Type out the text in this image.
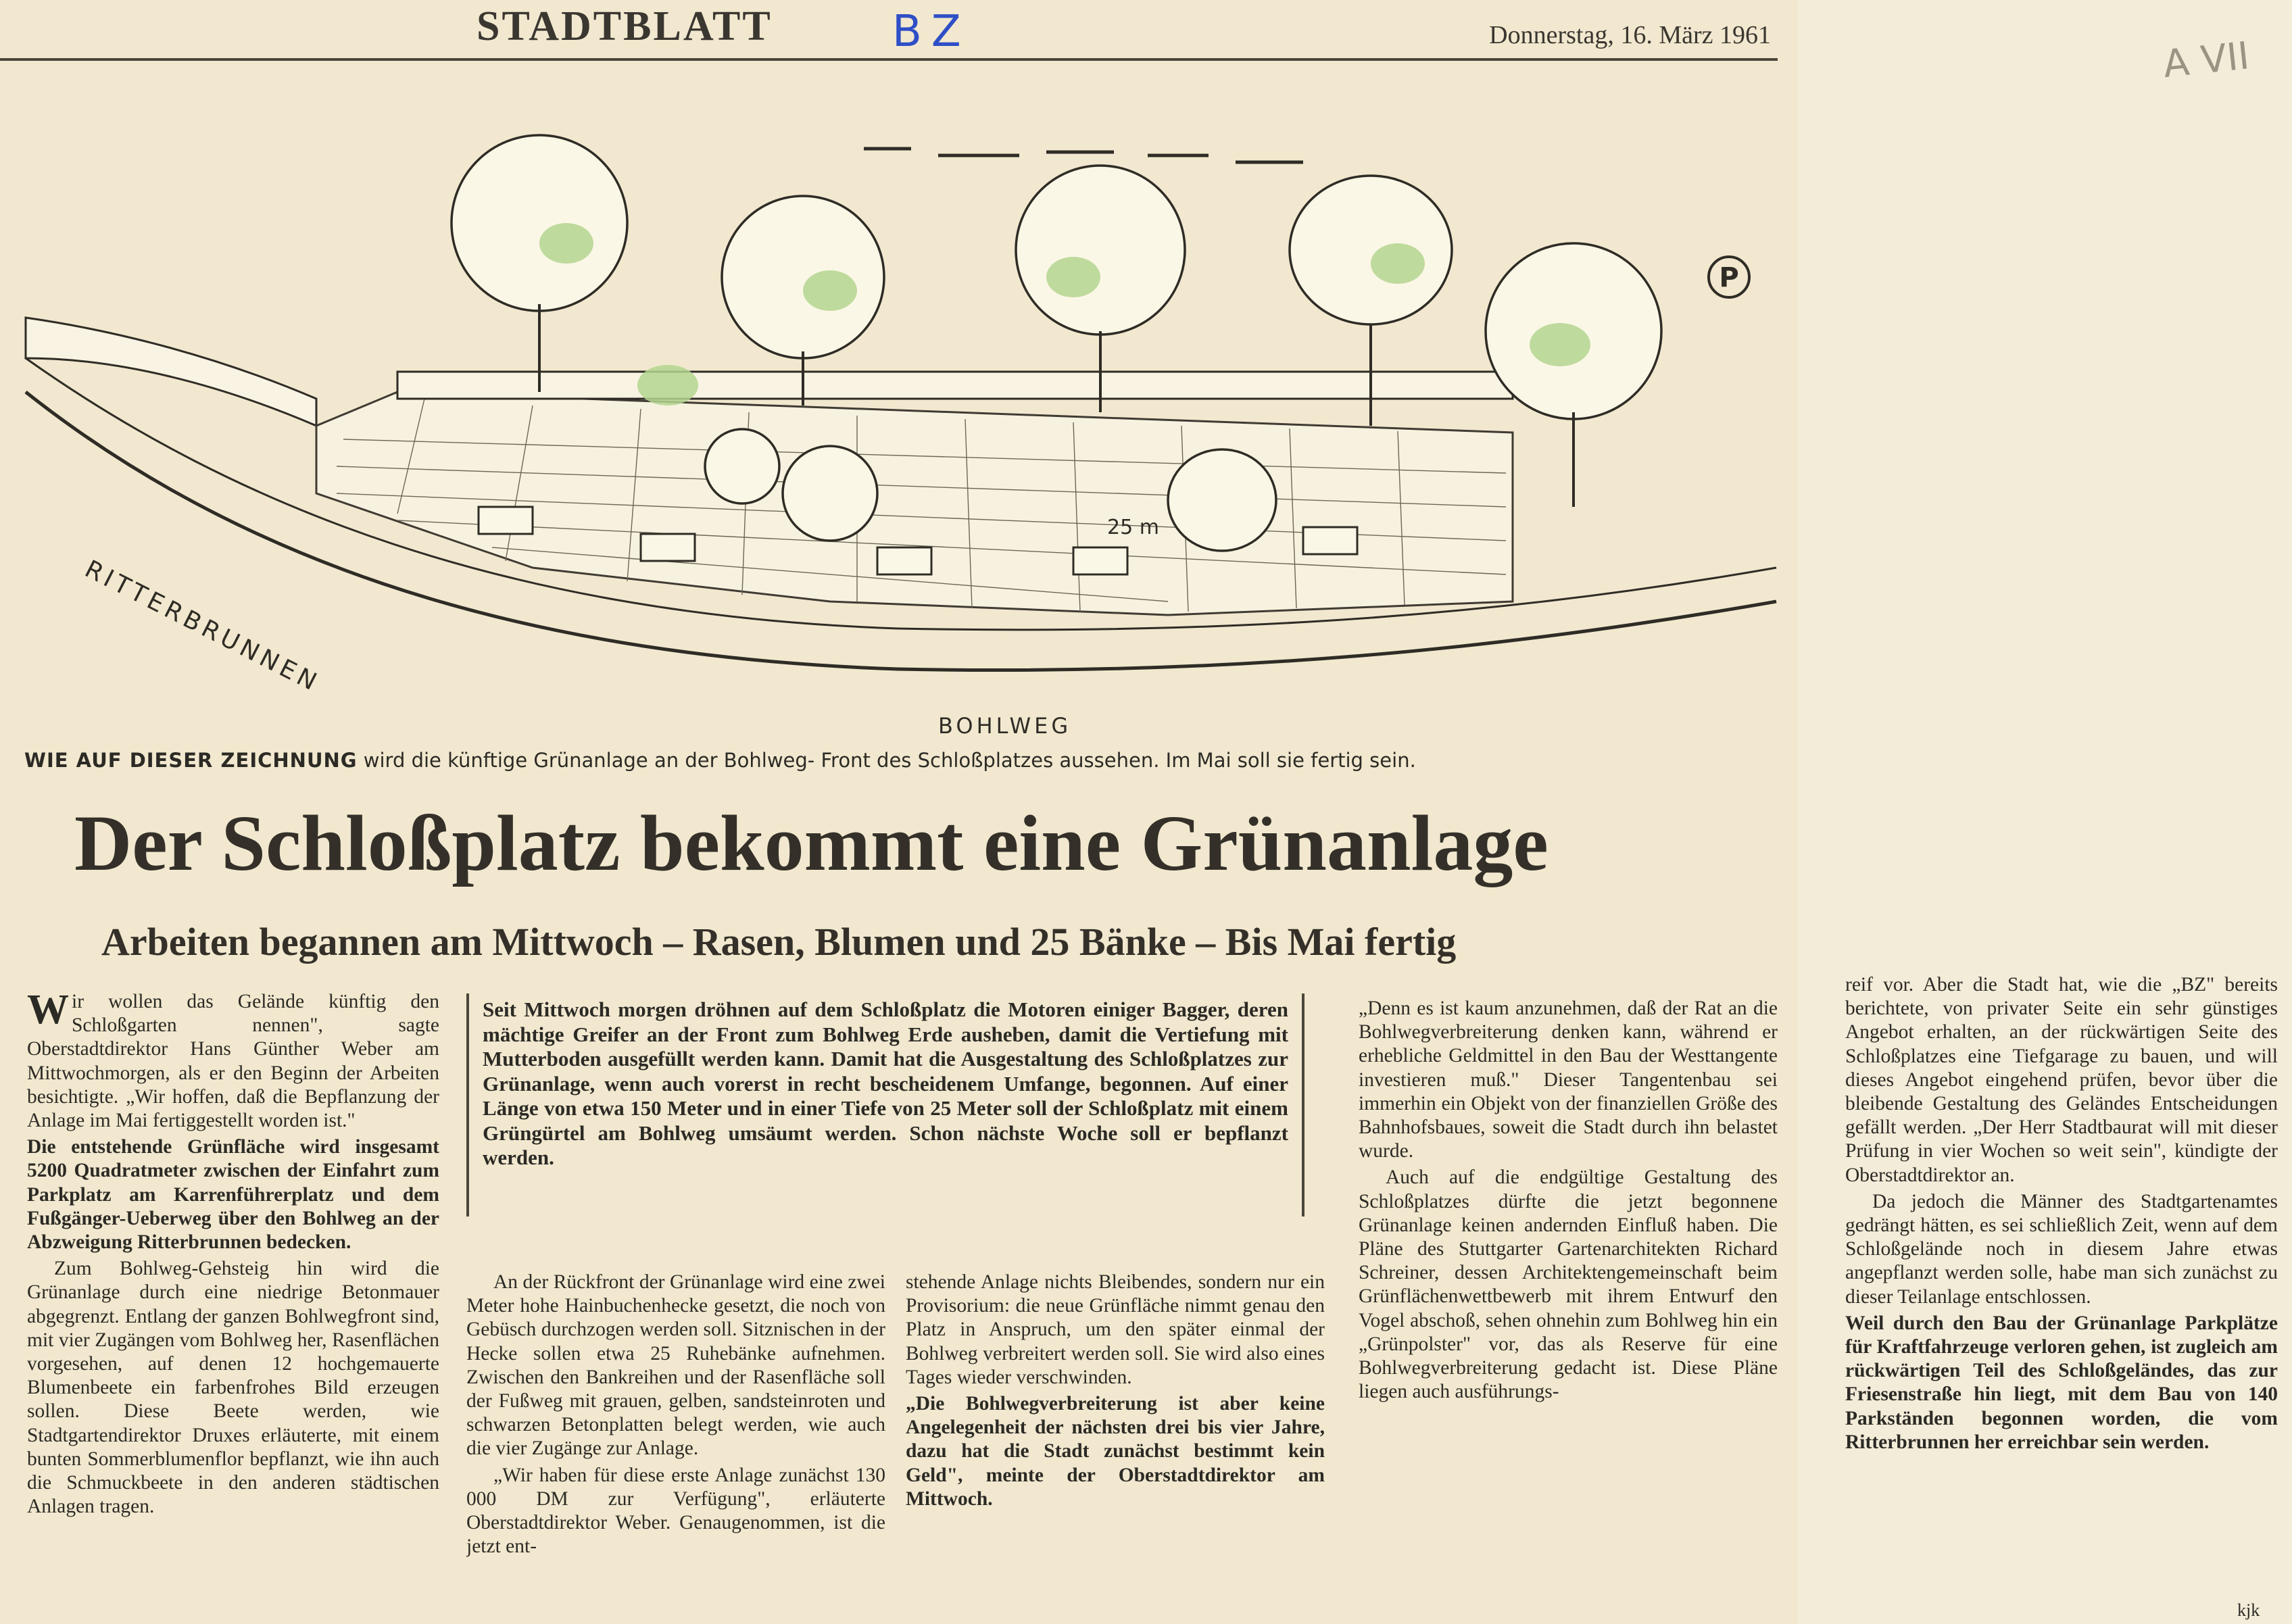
A VII
STADTBLATT	BZ	Donnerstag, 16. März 1961
P
RITTERBRUNNEN
BOHLWEG
25 m
WIE AUF DIESER ZEICHNUNG wird die künftige Grünanlage an der Bohlweg- Front des Schloßplatzes aussehen. Im Mai soll sie fertig sein.
Der Schloßplatz bekommt eine Grünanlage
Arbeiten begannen am Mittwoch – Rasen, Blumen und 25 Bänke – Bis Mai fertig
Seit Mittwoch morgen dröhnen auf dem Schloßplatz die Motoren einiger Bagger, deren mächtige Greifer an der Front zum Bohlweg Erde ausheben, damit die Vertiefung mit Mutterboden ausgefüllt werden kann. Damit hat die Ausgestaltung des Schloßplatzes zur Grünanlage, wenn auch vorerst in recht bescheidenem Umfange, begonnen. Auf einer Länge von etwa 150 Meter und in einer Tiefe von 25 Meter soll der Schloßplatz mit einem Grüngürtel am Bohlweg umsäumt werden. Schon nächste Woche soll er bepflanzt werden.

Wir wollen das Gelände künftig den Schloßgarten nennen", sagte Oberstadtdirektor Hans Günther Weber am Mittwochmorgen, als er den Beginn der Arbeiten besichtigte. „Wir hoffen, daß die Bepflanzung der Anlage im Mai fertiggestellt worden ist."

Die entstehende Grünfläche wird insgesamt 5200 Quadratmeter zwischen der Einfahrt zum Parkplatz am Karrenführerplatz und dem Fußgänger-Ueberweg über den Bohlweg an der Abzweigung Ritterbrunnen bedecken.

Zum Bohlweg-Gehsteig hin wird die Grünanlage durch eine niedrige Betonmauer abgegrenzt. Entlang der ganzen Bohlwegfront sind, mit vier Zugängen vom Bohlweg her, Rasenflächen vorgesehen, auf denen 12 hochgemauerte Blumenbeete ein farbenfrohes Bild erzeugen sollen. Diese Beete werden, wie Stadtgartendirektor Druxes erläuterte, mit einem bunten Sommerblumenflor bepflanzt, wie ihn auch die Schmuckbeete in den anderen städtischen Anlagen tragen.

An der Rückfront der Grünanlage wird eine zwei Meter hohe Hainbuchenhecke gesetzt, die noch von Gebüsch durchzogen werden soll. Sitznischen in der Hecke sollen etwa 25 Ruhebänke aufnehmen. Zwischen den Bankreihen und der Rasenfläche soll der Fußweg mit grauen, gelben, sandsteinroten und schwarzen Betonplatten belegt werden, wie auch die vier Zugänge zur Anlage.

„Wir haben für diese erste Anlage zunächst 130 000 DM zur Verfügung", erläuterte Oberstadtdirektor Weber. Genaugenommen, ist die jetzt ent-

stehende Anlage nichts Bleibendes, sondern nur ein Provisorium: die neue Grünfläche nimmt genau den Platz in Anspruch, um den später einmal der Bohlweg verbreitert werden soll. Sie wird also eines Tages wieder verschwinden.

„Die Bohlwegverbreiterung ist aber keine Angelegenheit der nächsten drei bis vier Jahre, dazu hat die Stadt zunächst bestimmt kein Geld", meinte der Oberstadtdirektor am Mittwoch.

„Denn es ist kaum anzunehmen, daß der Rat an die Bohlwegverbreiterung denken kann, während er erhebliche Geldmittel in den Bau der Westtangente investieren muß." Dieser Tangentenbau sei immerhin ein Objekt von der finanziellen Größe des Bahnhofsbaues, soweit die Stadt durch ihn belastet wurde.

Auch auf die endgültige Gestaltung des Schloßplatzes dürfte die jetzt begonnene Grünanlage keinen andernden Einfluß haben. Die Pläne des Stuttgarter Gartenarchitekten Richard Schreiner, dessen Architektengemeinschaft beim Grünflächenwettbewerb mit ihrem Entwurf den Vogel abschoß, sehen ohnehin zum Bohlweg hin ein „Grünpolster" vor, das als Reserve für eine Bohlwegverbreiterung gedacht ist. Diese Pläne liegen auch ausführungs-

reif vor. Aber die Stadt hat, wie die „BZ" bereits berichtete, von privater Seite ein sehr günstiges Angebot erhalten, an der rückwärtigen Seite des Schloßplatzes eine Tiefgarage zu bauen, und will dieses Angebot eingehend prüfen, bevor über die bleibende Gestaltung des Geländes Entscheidungen gefällt werden. „Der Herr Stadtbaurat will mit dieser Prüfung in vier Wochen so weit sein", kündigte der Oberstadtdirektor an.

Da jedoch die Männer des Stadtgartenamtes gedrängt hätten, es sei schließlich Zeit, wenn auf dem Schloßgelände noch in diesem Jahre etwas angepflanzt werden solle, habe man sich zunächst zu dieser Teilanlage entschlossen.

Weil durch den Bau der Grünanlage Parkplätze für Kraftfahrzeuge verloren gehen, ist zugleich am rückwärtigen Teil des Schloßgeländes, das zur Friesenstraße hin liegt, mit dem Bau von 140 Parkständen begonnen worden, die vom Ritterbrunnen her erreichbar sein werden.

kjk
